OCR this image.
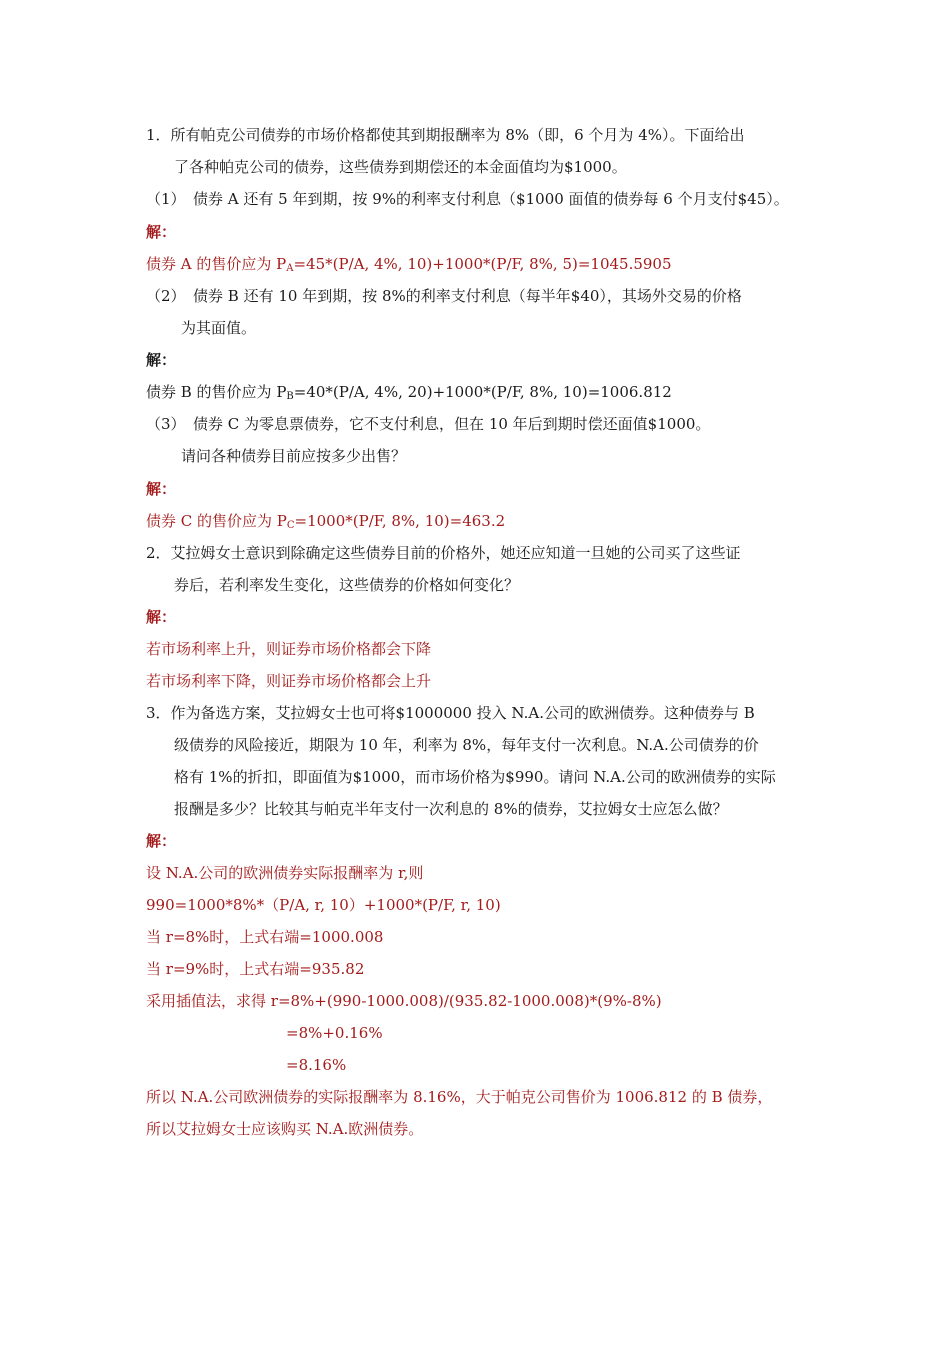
1．所有帕克公司债券的市场价格都使其到期报酬率为 8%（即，6 个月为 4%）。下面给出
了各种帕克公司的债券，这些债券到期偿还的本金面值均为$1000。
（1）　债券 A 还有 5 年到期，按 9%的利率支付利息（$1000 面值的债券每 6 个月支付$45）。
解：
债券 A 的售价应为 $P_A=45*(P/A$, 4%, 10)+1000*(P/F, 8%, 5)=1045.5905
（2）　债券 B 还有 10 年到期，按 8%的利率支付利息（每半年$40），其场外交易的价格
为其面值。
解：
债券 B 的售价应为 $P_B=40*(P/A$, 4%, 20)+1000*(P/F, 8%, 10)=1006.812
（3）　债券 C 为零息票债券，它不支付利息，但在 10 年后到期时偿还面值$1000。
请问各种债券目前应按多少出售？
解：
债券 C 的售价应为 $P_C=1000*(P/F$, 8%, 10)=463.2
2．艾拉姆女士意识到除确定这些债券目前的价格外，她还应知道一旦她的公司买了这些证
券后，若利率发生变化，这些债券的价格如何变化？
解：
若市场利率上升，则证券市场价格都会下降
若市场利率下降，则证券市场价格都会上升
3．作为备选方案，艾拉姆女士也可将$1000000 投入 N.A.公司的欧洲债券。这种债券与 B
级债券的风险接近，期限为 10 年，利率为 8%，每年支付一次利息。N.A.公司债券的价
格有 1%的折扣，即面值为$1000，而市场价格为$990。请问 N.A.公司的欧洲债券的实际
报酬是多少？比较其与帕克半年支付一次利息的 8%的债券，艾拉姆女士应怎么做？
解：
设 N.A.公司的欧洲债券实际报酬率为 r,则
990=1000*8%*（P/A, r, 10）+1000*(P/F, r, 10)
当 r=8%时，上式右端=1000.008
当 r=9%时，上式右端=935.82
采用插值法，求得 r=8%+(990-1000.008)/(935.82-1000.008)*(9%-8%)
=8%+0.16%
=8.16%
所以 N.A.公司欧洲债券的实际报酬率为 8.16%，大于帕克公司售价为 1006.812 的 B 债券，
所以艾拉姆女士应该购买 N.A.欧洲债券。
